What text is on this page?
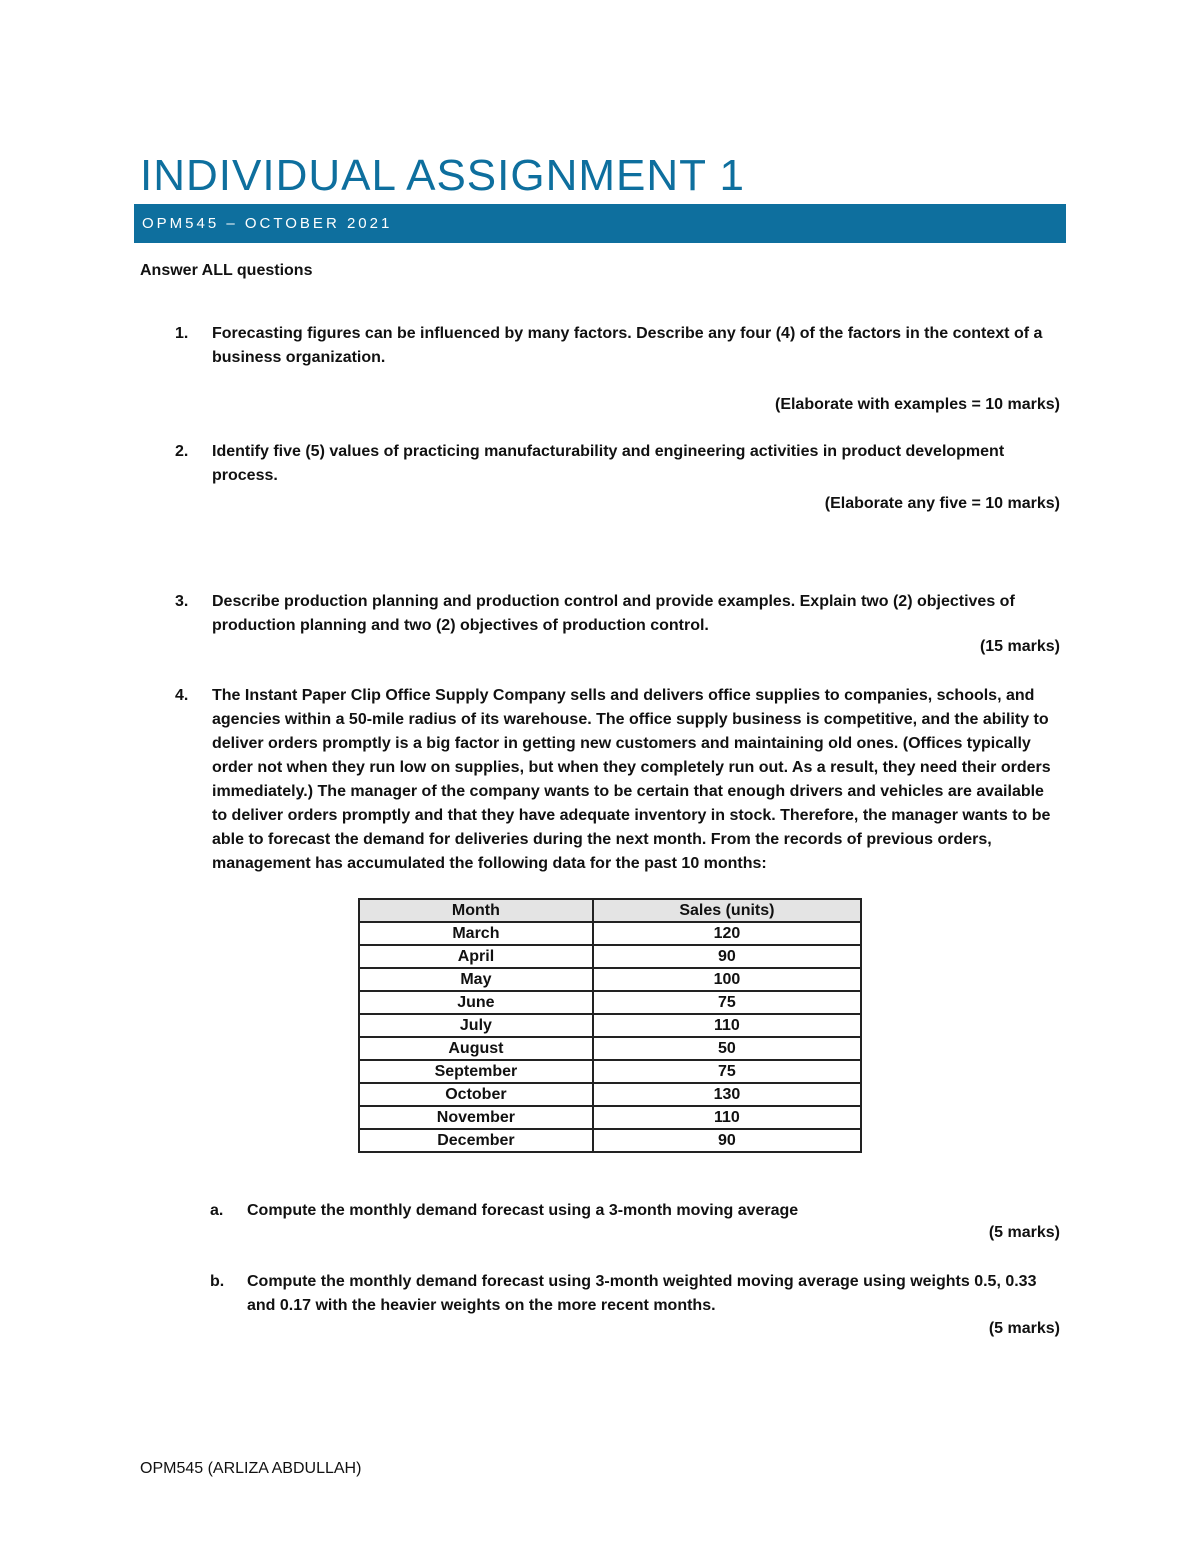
INDIVIDUAL ASSIGNMENT 1
OPM545 – OCTOBER 2021
Answer ALL questions
1. Forecasting figures can be influenced by many factors. Describe any four (4) of the factors in the context of a business organization.
(Elaborate with examples = 10 marks)
2. Identify five (5) values of practicing manufacturability and engineering activities in product development process.
(Elaborate any five = 10 marks)
3. Describe production planning and production control and provide examples. Explain two (2) objectives of production planning and two (2) objectives of production control.
(15 marks)
4. The Instant Paper Clip Office Supply Company sells and delivers office supplies to companies, schools, and agencies within a 50-mile radius of its warehouse. The office supply business is competitive, and the ability to deliver orders promptly is a big factor in getting new customers and maintaining old ones. (Offices typically order not when they run low on supplies, but when they completely run out. As a result, they need their orders immediately.) The manager of the company wants to be certain that enough drivers and vehicles are available to deliver orders promptly and that they have adequate inventory in stock. Therefore, the manager wants to be able to forecast the demand for deliveries during the next month. From the records of previous orders, management has accumulated the following data for the past 10 months:
Month	Sales (units)
March	120
April	90
May	100
June	75
July	110
August	50
September	75
October	130
November	110
December	90
a. Compute the monthly demand forecast using a 3-month moving average
(5 marks)
b. Compute the monthly demand forecast using 3-month weighted moving average using weights 0.5, 0.33 and 0.17 with the heavier weights on the more recent months.
(5 marks)
OPM545 (ARLIZA ABDULLAH)
